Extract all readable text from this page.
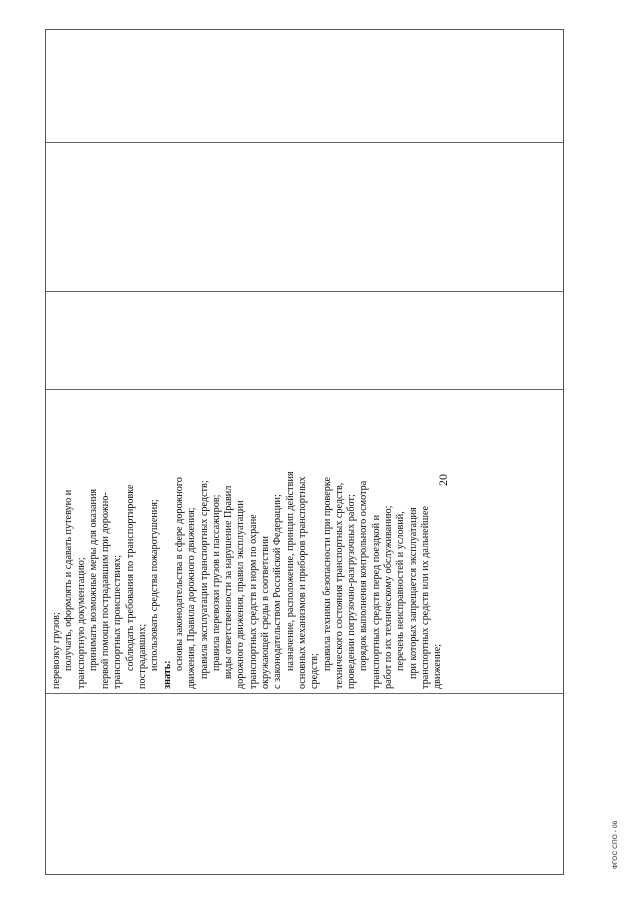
20
перевозку грузов; получать, оформлять и сдавать путевую и транспортную документацию; принимать возможные меры для оказания первой помощи пострадавшим при дорожно- транспортных происшествиях; соблюдать требования по транспортировке пострадавших; использовать средства пожаротушения;
знать:
основы законодательства в сфере дорожного движения, Правила дорожного движения; правила эксплуатации транспортных средств; правила перевозки грузов и пассажиров; виды ответственности за нарушение Правил дорожного движения, правил эксплуатации транспортных средств и норм по охране окружающей среды в соответствии с законодательством Российской Федерации; назначение, расположение, принцип действия основных механизмов и приборов транспортных средств;
правила техники безопасности при проверке технического состояния транспортных средств, проведении погрузочно-разгрузочных работ; порядок выполнения контрольного осмотра транспортных средств перед поездкой и работ по их техническому обслуживанию; перечень неисправностей и условий, при которых запрещается эксплуатация транспортных средств или их дальнейшее движение;
ФГОС СПО - 06
